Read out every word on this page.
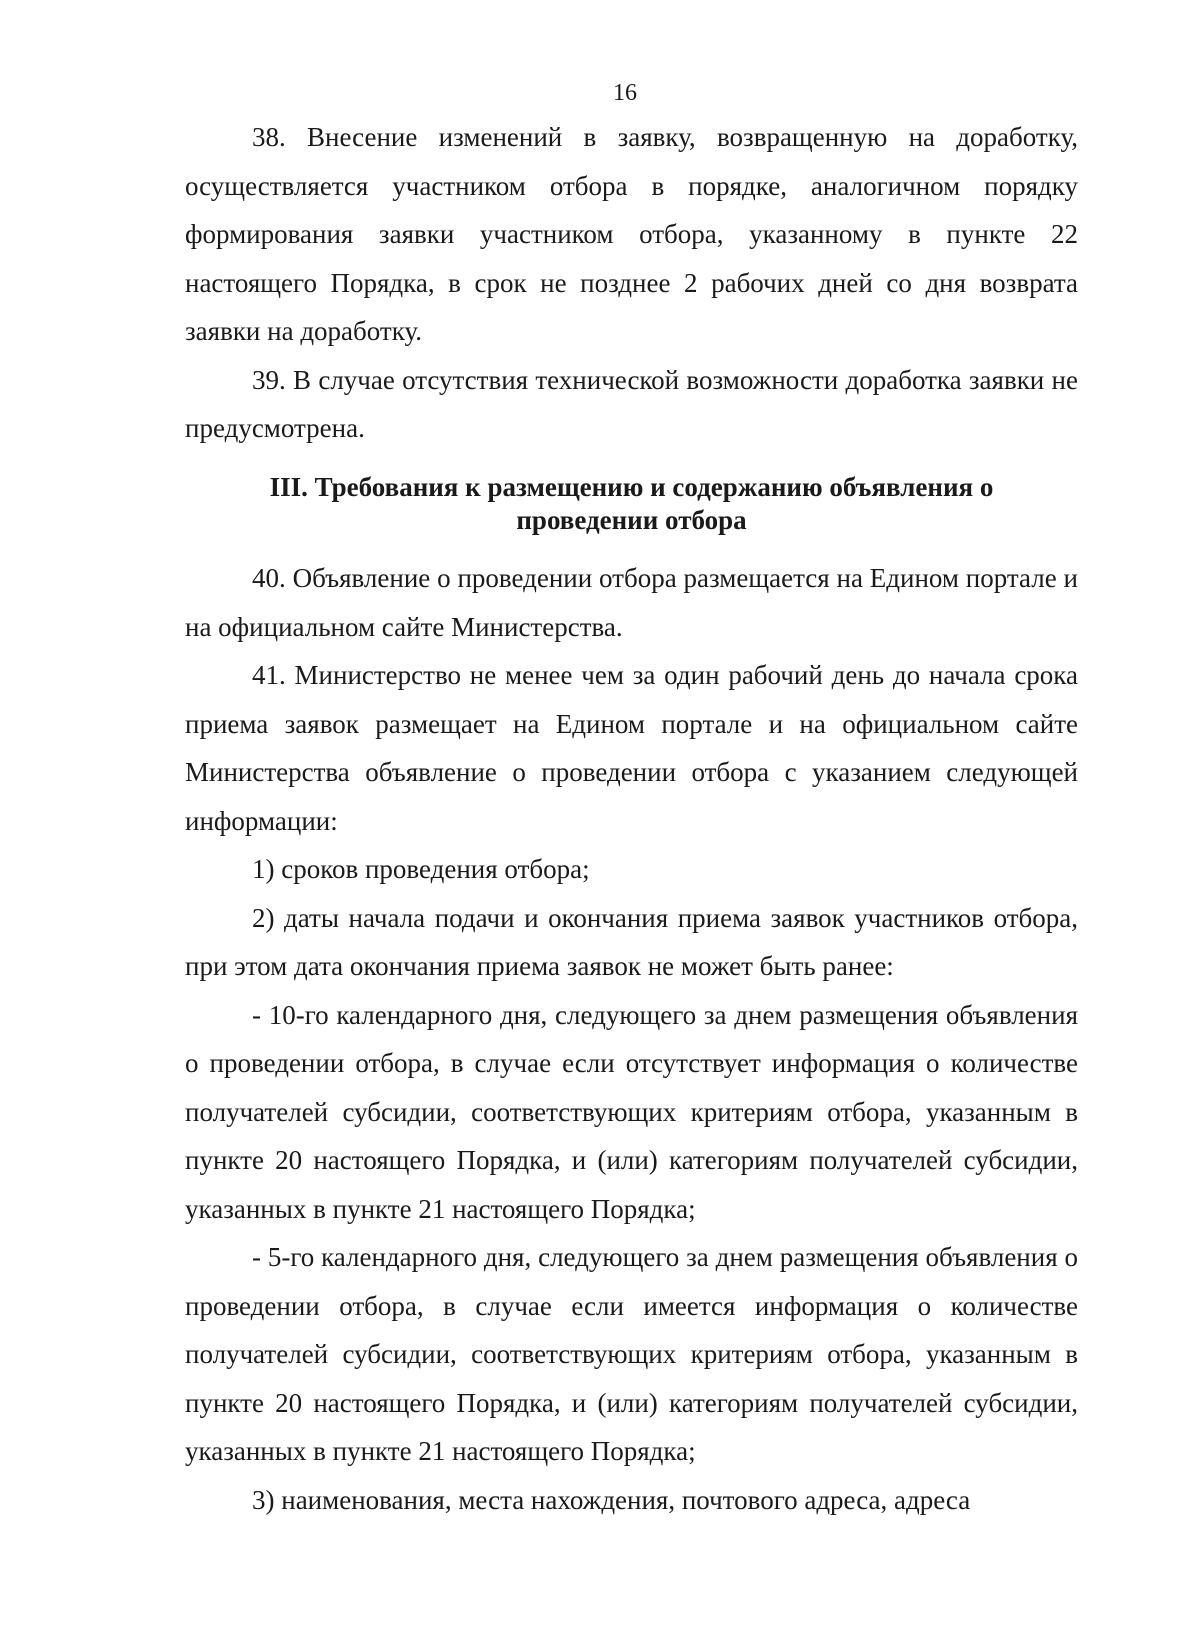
16

38. Внесение изменений в заявку, возвращенную на доработку, осуществляется участником отбора в порядке, аналогичном порядку формирования заявки участником отбора, указанному в пункте 22 настоящего Порядка, в срок не позднее 2 рабочих дней со дня возврата заявки на доработку.

39. В случае отсутствия технической возможности доработка заявки не предусмотрена.

III. Требования к размещению и содержанию объявления о
проведении отбора

40. Объявление о проведении отбора размещается на Едином портале и на официальном сайте Министерства.

41. Министерство не менее чем за один рабочий день до начала срока приема заявок размещает на Едином портале и на официальном сайте Министерства объявление о проведении отбора с указанием следующей информации:

1) сроков проведения отбора;

2) даты начала подачи и окончания приема заявок участников отбора, при этом дата окончания приема заявок не может быть ранее:

- 10-го календарного дня, следующего за днем размещения объявления о проведении отбора, в случае если отсутствует информация о количестве получателей субсидии, соответствующих критериям отбора, указанным в пункте 20 настоящего Порядка, и (или) категориям получателей субсидии, указанных в пункте 21 настоящего Порядка;

- 5-го календарного дня, следующего за днем размещения объявления о проведении отбора, в случае если имеется информация о количестве получателей субсидии, соответствующих критериям отбора, указанным в пункте 20 настоящего Порядка, и (или) категориям получателей субсидии, указанных в пункте 21 настоящего Порядка;

3) наименования, места нахождения, почтового адреса, адреса
